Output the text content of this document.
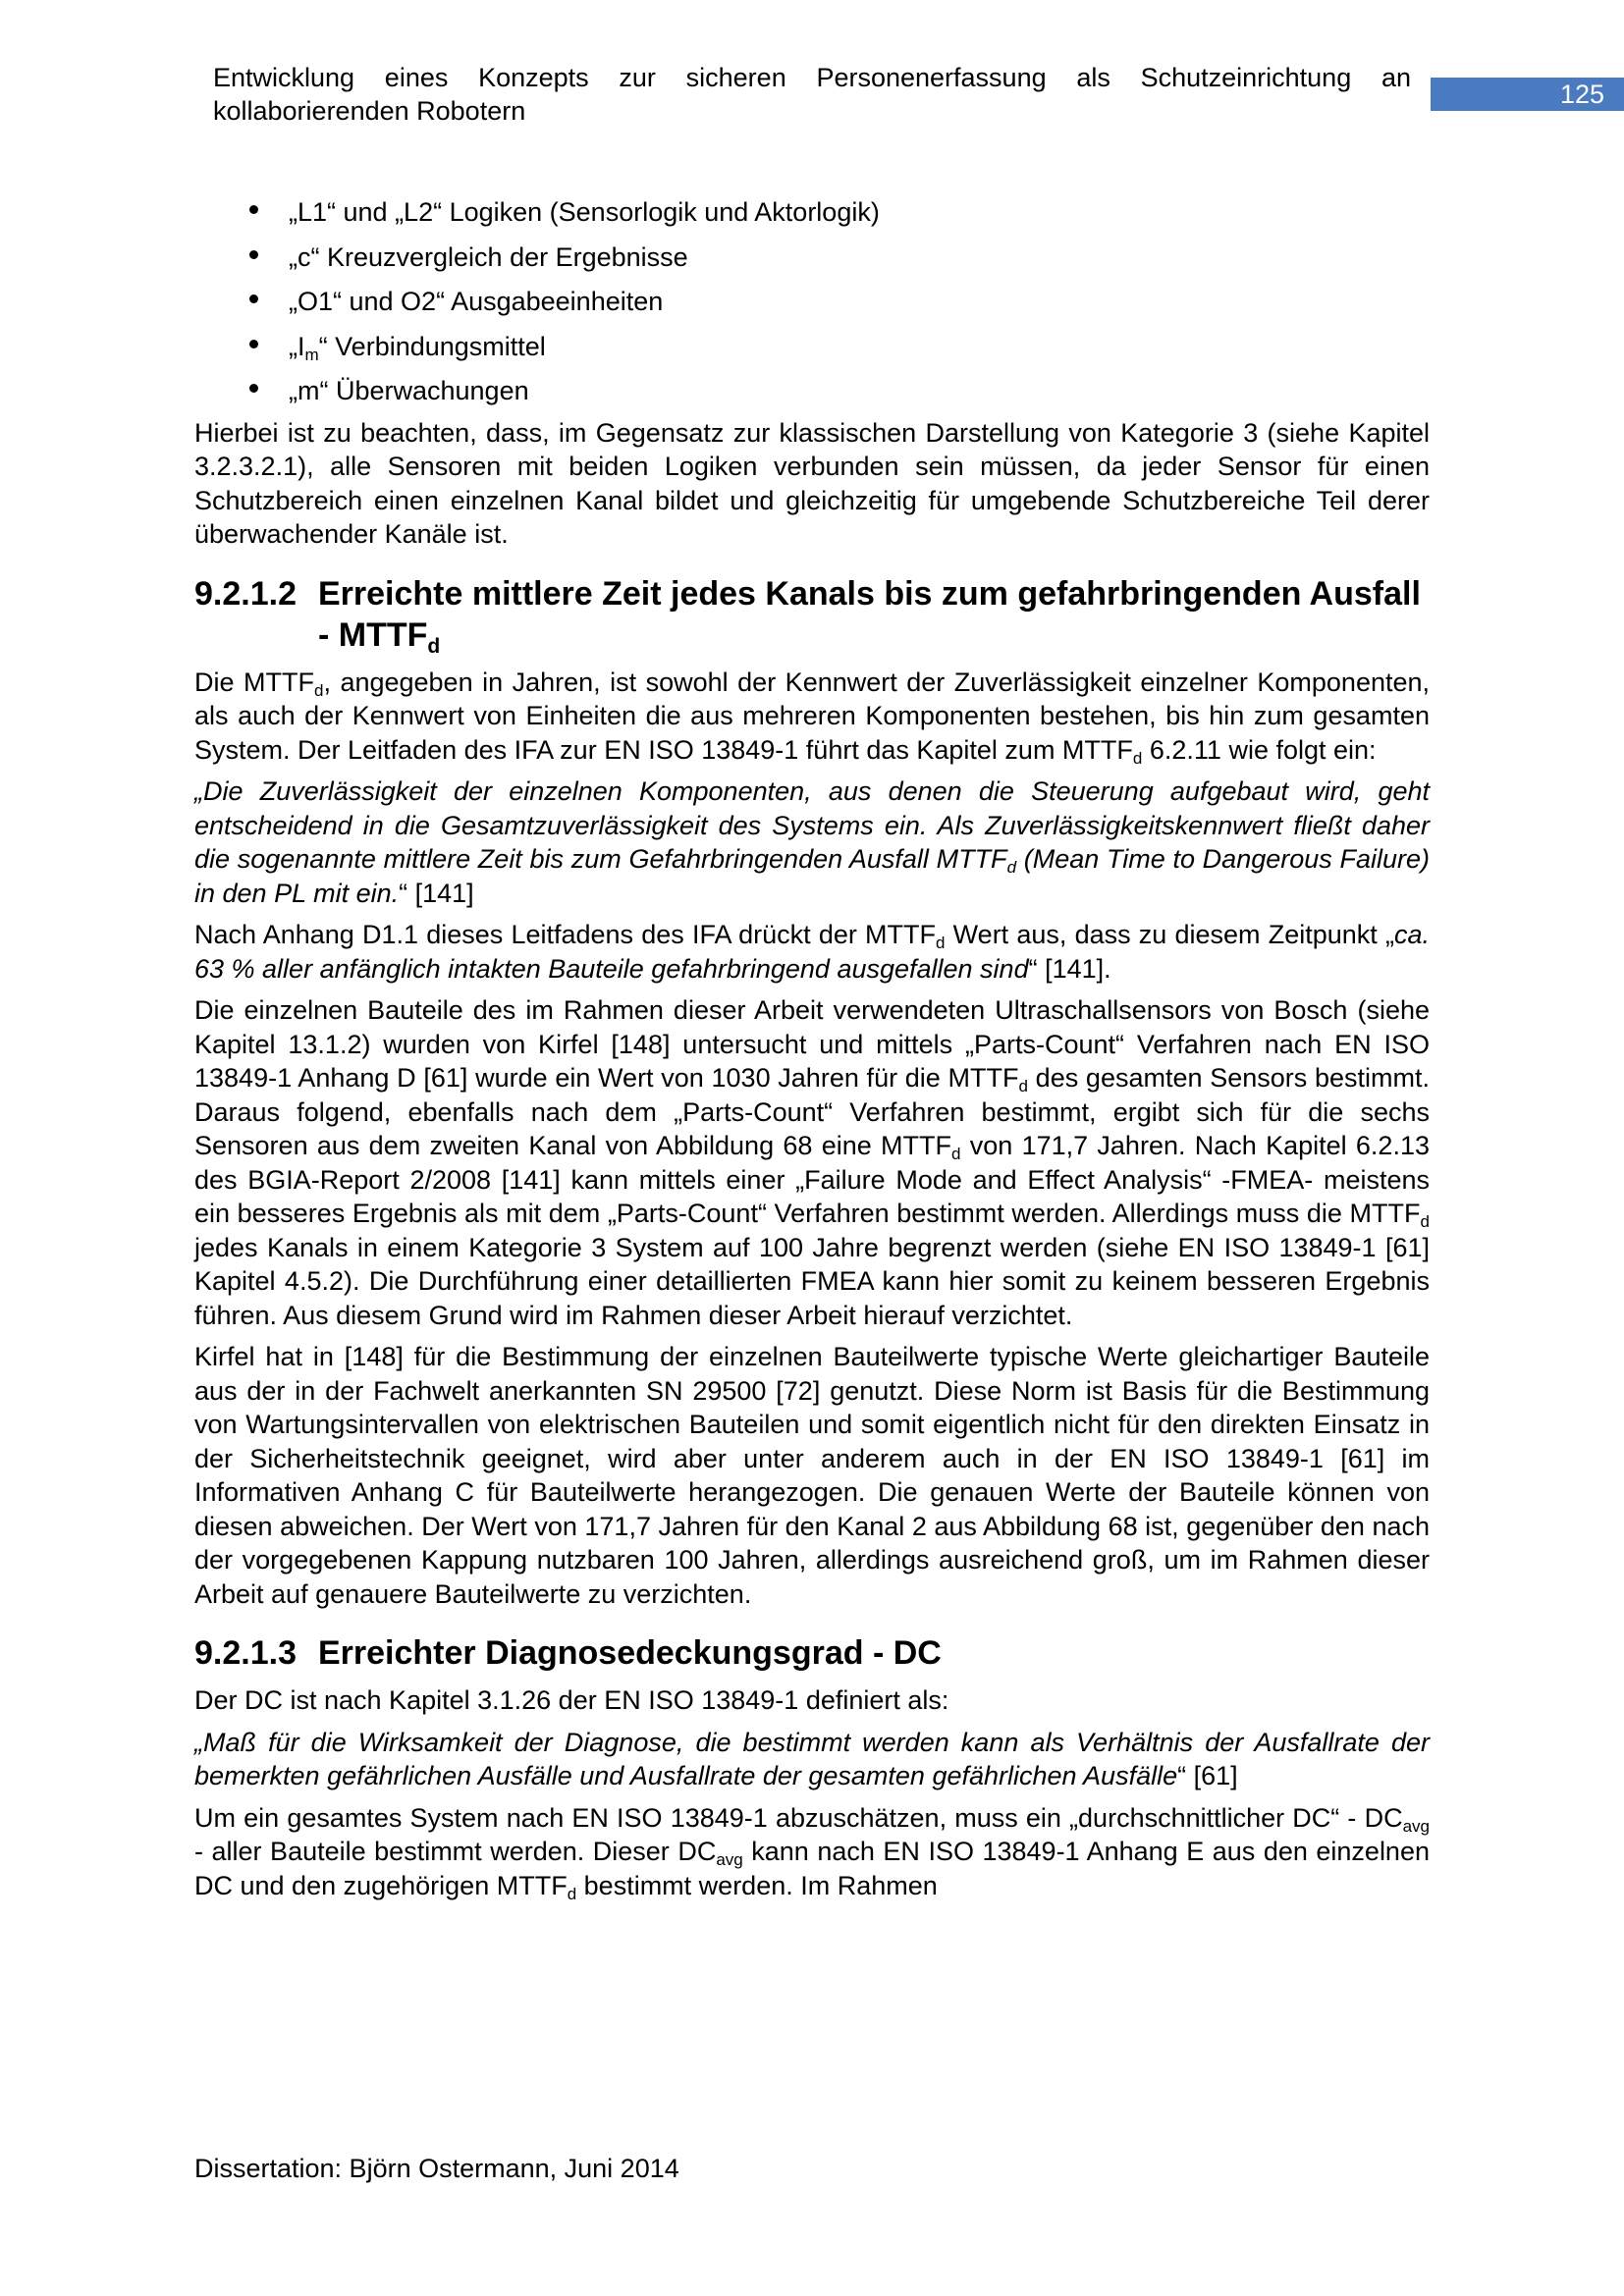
Entwicklung eines Konzepts zur sicheren Personenerfassung als Schutzeinrichtung an
kollaborierenden Robotern
125
„L1“ und „L2“ Logiken (Sensorlogik und Aktorlogik)
„c“ Kreuzvergleich der Ergebnisse
„O1“ und O2“ Ausgabeeinheiten
$„I_m“$ Verbindungsmittel
„m“ Überwachungen

Hierbei ist zu beachten, dass, im Gegensatz zur klassischen Darstellung von Kategorie 3 (siehe Kapitel 3.2.3.2.1), alle Sensoren mit beiden Logiken verbunden sein müssen, da jeder Sensor für einen Schutzbereich einen einzelnen Kanal bildet und gleichzeitig für umgebende Schutzbereiche Teil derer überwachender Kanäle ist.

9.2.1.2 Erreichte mittlere Zeit jedes Kanals bis zum gefahrbringenden Ausfall - $MTTF_d$

Die $MTTF_d$, angegeben in Jahren, ist sowohl der Kennwert der Zuverlässigkeit einzelner Komponenten, als auch der Kennwert von Einheiten die aus mehreren Komponenten bestehen, bis hin zum gesamten System. Der Leitfaden des IFA zur EN ISO 13849-1 führt das Kapitel zum $MTTF_d$ 6.2.11 wie folgt ein:

„Die Zuverlässigkeit der einzelnen Komponenten, aus denen die Steuerung aufgebaut wird, geht entscheidend in die Gesamtzuverlässigkeit des Systems ein. Als Zuverlässigkeitskennwert fließt daher die sogenannte mittlere Zeit bis zum Gefahrbringenden Ausfall $MTTF_d$ (Mean Time to Dangerous Failure) in den PL mit ein.“ [141]

Nach Anhang D1.1 dieses Leitfadens des IFA drückt der $MTTF_d$ Wert aus, dass zu diesem Zeitpunkt „ca. 63 % aller anfänglich intakten Bauteile gefahrbringend ausgefallen sind“ [141].

Die einzelnen Bauteile des im Rahmen dieser Arbeit verwendeten Ultraschallsensors von Bosch (siehe Kapitel 13.1.2) wurden von Kirfel [148] untersucht und mittels „Parts-Count“ Verfahren nach EN ISO 13849-1 Anhang D [61] wurde ein Wert von 1030 Jahren für die $MTTF_d$ des gesamten Sensors bestimmt. Daraus folgend, ebenfalls nach dem „Parts-Count“ Verfahren bestimmt, ergibt sich für die sechs Sensoren aus dem zweiten Kanal von Abbildung 68 eine $MTTF_d$ von 171,7 Jahren. Nach Kapitel 6.2.13 des BGIA-Report 2/2008 [141] kann mittels einer „Failure Mode and Effect Analysis“ -FMEA- meistens ein besseres Ergebnis als mit dem „Parts-Count“ Verfahren bestimmt werden. Allerdings muss die $MTTF_d$ jedes Kanals in einem Kategorie 3 System auf 100 Jahre begrenzt werden (siehe EN ISO 13849-1 [61] Kapitel 4.5.2). Die Durchführung einer detaillierten FMEA kann hier somit zu keinem besseren Ergebnis führen. Aus diesem Grund wird im Rahmen dieser Arbeit hierauf verzichtet.

Kirfel hat in [148] für die Bestimmung der einzelnen Bauteilwerte typische Werte gleichartiger Bauteile aus der in der Fachwelt anerkannten SN 29500 [72] genutzt. Diese Norm ist Basis für die Bestimmung von Wartungsintervallen von elektrischen Bauteilen und somit eigentlich nicht für den direkten Einsatz in der Sicherheitstechnik geeignet, wird aber unter anderem auch in der EN ISO 13849-1 [61] im Informativen Anhang C für Bauteilwerte herangezogen. Die genauen Werte der Bauteile können von diesen abweichen. Der Wert von 171,7 Jahren für den Kanal 2 aus Abbildung 68 ist, gegenüber den nach der vorgegebenen Kappung nutzbaren 100 Jahren, allerdings ausreichend groß, um im Rahmen dieser Arbeit auf genauere Bauteilwerte zu verzichten.

9.2.1.3 Erreichter Diagnosedeckungsgrad - DC

Der DC ist nach Kapitel 3.1.26 der EN ISO 13849-1 definiert als:

„Maß für die Wirksamkeit der Diagnose, die bestimmt werden kann als Verhältnis der Ausfallrate der bemerkten gefährlichen Ausfälle und Ausfallrate der gesamten gefährlichen Ausfälle“ [61]

Um ein gesamtes System nach EN ISO 13849-1 abzuschätzen, muss ein „durchschnittlicher DC“ - $DC_{avg}$ - aller Bauteile bestimmt werden. Dieser $DC_{avg}$ kann nach EN ISO 13849-1 Anhang E aus den einzelnen DC und den zugehörigen $MTTF_d$ bestimmt werden. Im Rahmen

Dissertation: Björn Ostermann, Juni 2014
